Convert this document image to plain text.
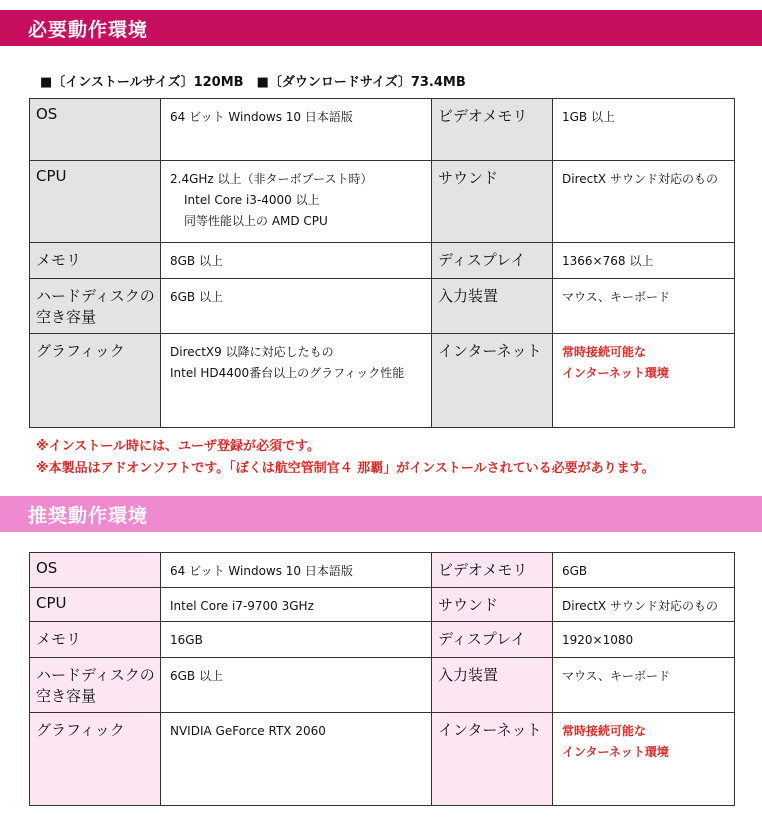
必要動作環境
■〔インストールサイズ〕120MB　■〔ダウンロードサイズ〕73.4MB
OS	64 ビット Windows 10 日本語版	ビデオメモリ	1GB 以上

CPU	2.4GHz 以上（非ターボブースト時）
Intel Core i3-4000 以上
同等性能以上の AMD CPU	サウンド	DirectX サウンド対応のもの

メモリ	8GB 以上	ディスプレイ	1366×768 以上

ハードディスクの空き容量	6GB 以上	入力装置	マウス、キーボード

グラフィック	DirectX9 以降に対応したもの
Intel HD4400番台以上のグラフィック性能	インターネット	常時接続可能な
インターネット環境
※インストール時には、ユーザ登録が必須です。
※本製品はアドオンソフトです。「ぼくは航空管制官４ 那覇」がインストールされている必要があります。
推奨動作環境
OS	64 ビット Windows 10 日本語版	ビデオメモリ	6GB

CPU	Intel Core i7-9700 3GHz	サウンド	DirectX サウンド対応のもの

メモリ	16GB	ディスプレイ	1920×1080

ハードディスクの空き容量	6GB 以上	入力装置	マウス、キーボード

グラフィック	NVIDIA GeForce RTX 2060	インターネット	常時接続可能な
インターネット環境
